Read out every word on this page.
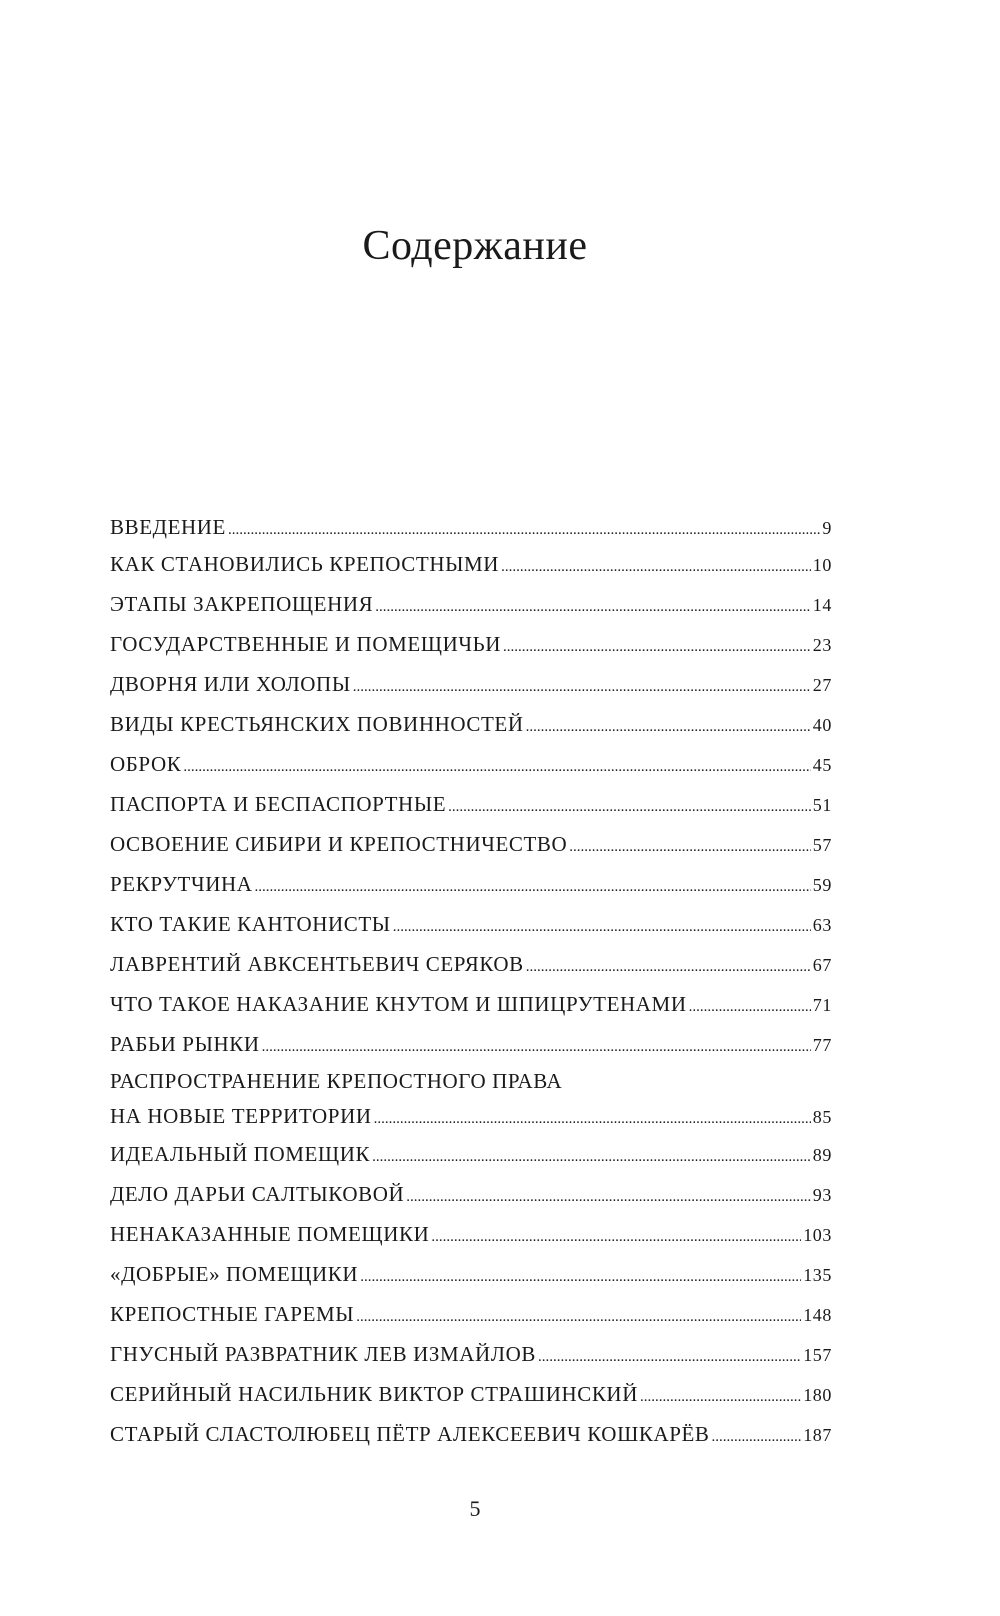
Содержание
ВВЕДЕНИЕ .....	9
КАК СТАНОВИЛИСЬ КРЕПОСТНЫМИ .....	10
ЭТАПЫ ЗАКРЕПОЩЕНИЯ .....	14
ГОСУДАРСТВЕННЫЕ И ПОМЕЩИЧЬИ .....	23
ДВОРНЯ ИЛИ ХОЛОПЫ .....	27
ВИДЫ КРЕСТЬЯНСКИХ ПОВИННОСТЕЙ .....	40
ОБРОК .....	45
ПАСПОРТА И БЕСПАСПОРТНЫЕ .....	51
ОСВОЕНИЕ СИБИРИ И КРЕПОСТНИЧЕСТВО .....	57
РЕКРУТЧИНА .....	59
КТО ТАКИЕ КАНТОНИСТЫ .....	63
ЛАВРЕНТИЙ АВКСЕНТЬЕВИЧ СЕРЯКОВ .....	67
ЧТО ТАКОЕ НАКАЗАНИЕ КНУТОМ И ШПИЦРУТЕНАМИ .....	71
РАБЬИ РЫНКИ .....	77
РАСПРОСТРАНЕНИЕ КРЕПОСТНОГО ПРАВА
НА НОВЫЕ ТЕРРИТОРИИ .....	85
ИДЕАЛЬНЫЙ ПОМЕЩИК .....	89
ДЕЛО ДАРЬИ САЛТЫКОВОЙ .....	93
НЕНАКАЗАННЫЕ ПОМЕЩИКИ .....	103
«ДОБРЫЕ» ПОМЕЩИКИ .....	135
КРЕПОСТНЫЕ ГАРЕМЫ .....	148
ГНУСНЫЙ РАЗВРАТНИК ЛЕВ ИЗМАЙЛОВ .....	157
СЕРИЙНЫЙ НАСИЛЬНИК ВИКТОР СТРАШИНСКИЙ .....	180
СТАРЫЙ СЛАСТОЛЮБЕЦ ПЁТР АЛЕКСЕЕВИЧ КОШКАРЁВ .....	187
5
